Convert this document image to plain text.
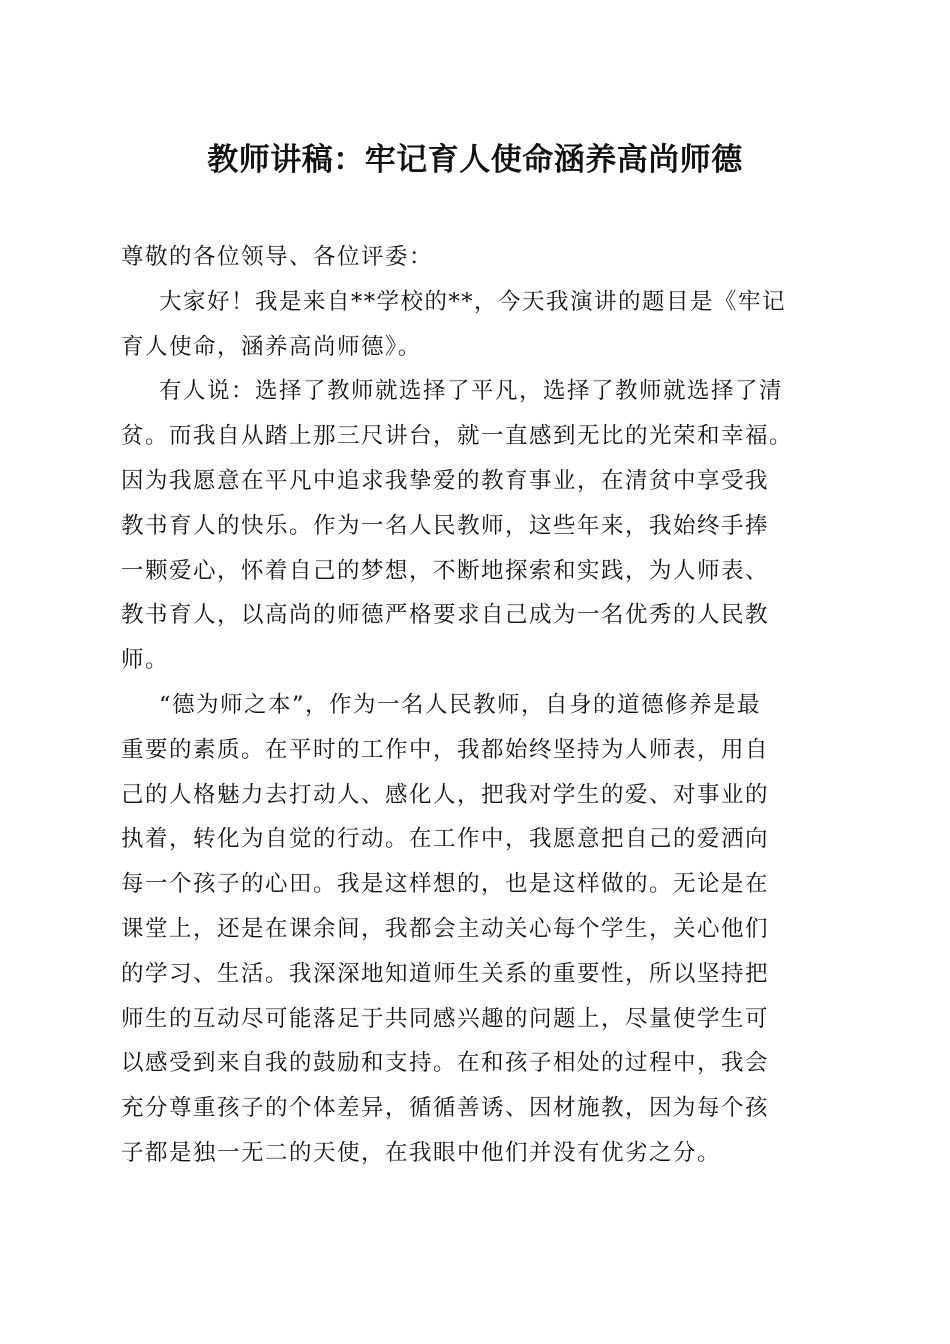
教师讲稿：牢记育人使命涵养高尚师德
尊敬的各位领导、各位评委：
大家好！我是来自**学校的**，今天我演讲的题目是《牢记
育人使命，涵养高尚师德》。
有人说：选择了教师就选择了平凡，选择了教师就选择了清
贫。而我自从踏上那三尺讲台，就一直感到无比的光荣和幸福。
因为我愿意在平凡中追求我挚爱的教育事业，在清贫中享受我
教书育人的快乐。作为一名人民教师，这些年来，我始终手捧
一颗爱心，怀着自己的梦想，不断地探索和实践，为人师表、
教书育人，以高尚的师德严格要求自己成为一名优秀的人民教
师。
“德为师之本”，作为一名人民教师，自身的道德修养是最
重要的素质。在平时的工作中，我都始终坚持为人师表，用自
己的人格魅力去打动人、感化人，把我对学生的爱、对事业的
执着，转化为自觉的行动。在工作中，我愿意把自己的爱洒向
每一个孩子的心田。我是这样想的，也是这样做的。无论是在
课堂上，还是在课余间，我都会主动关心每个学生，关心他们
的学习、生活。我深深地知道师生关系的重要性，所以坚持把
师生的互动尽可能落足于共同感兴趣的问题上，尽量使学生可
以感受到来自我的鼓励和支持。在和孩子相处的过程中，我会
充分尊重孩子的个体差异，循循善诱、因材施教，因为每个孩
子都是独一无二的天使，在我眼中他们并没有优劣之分。
